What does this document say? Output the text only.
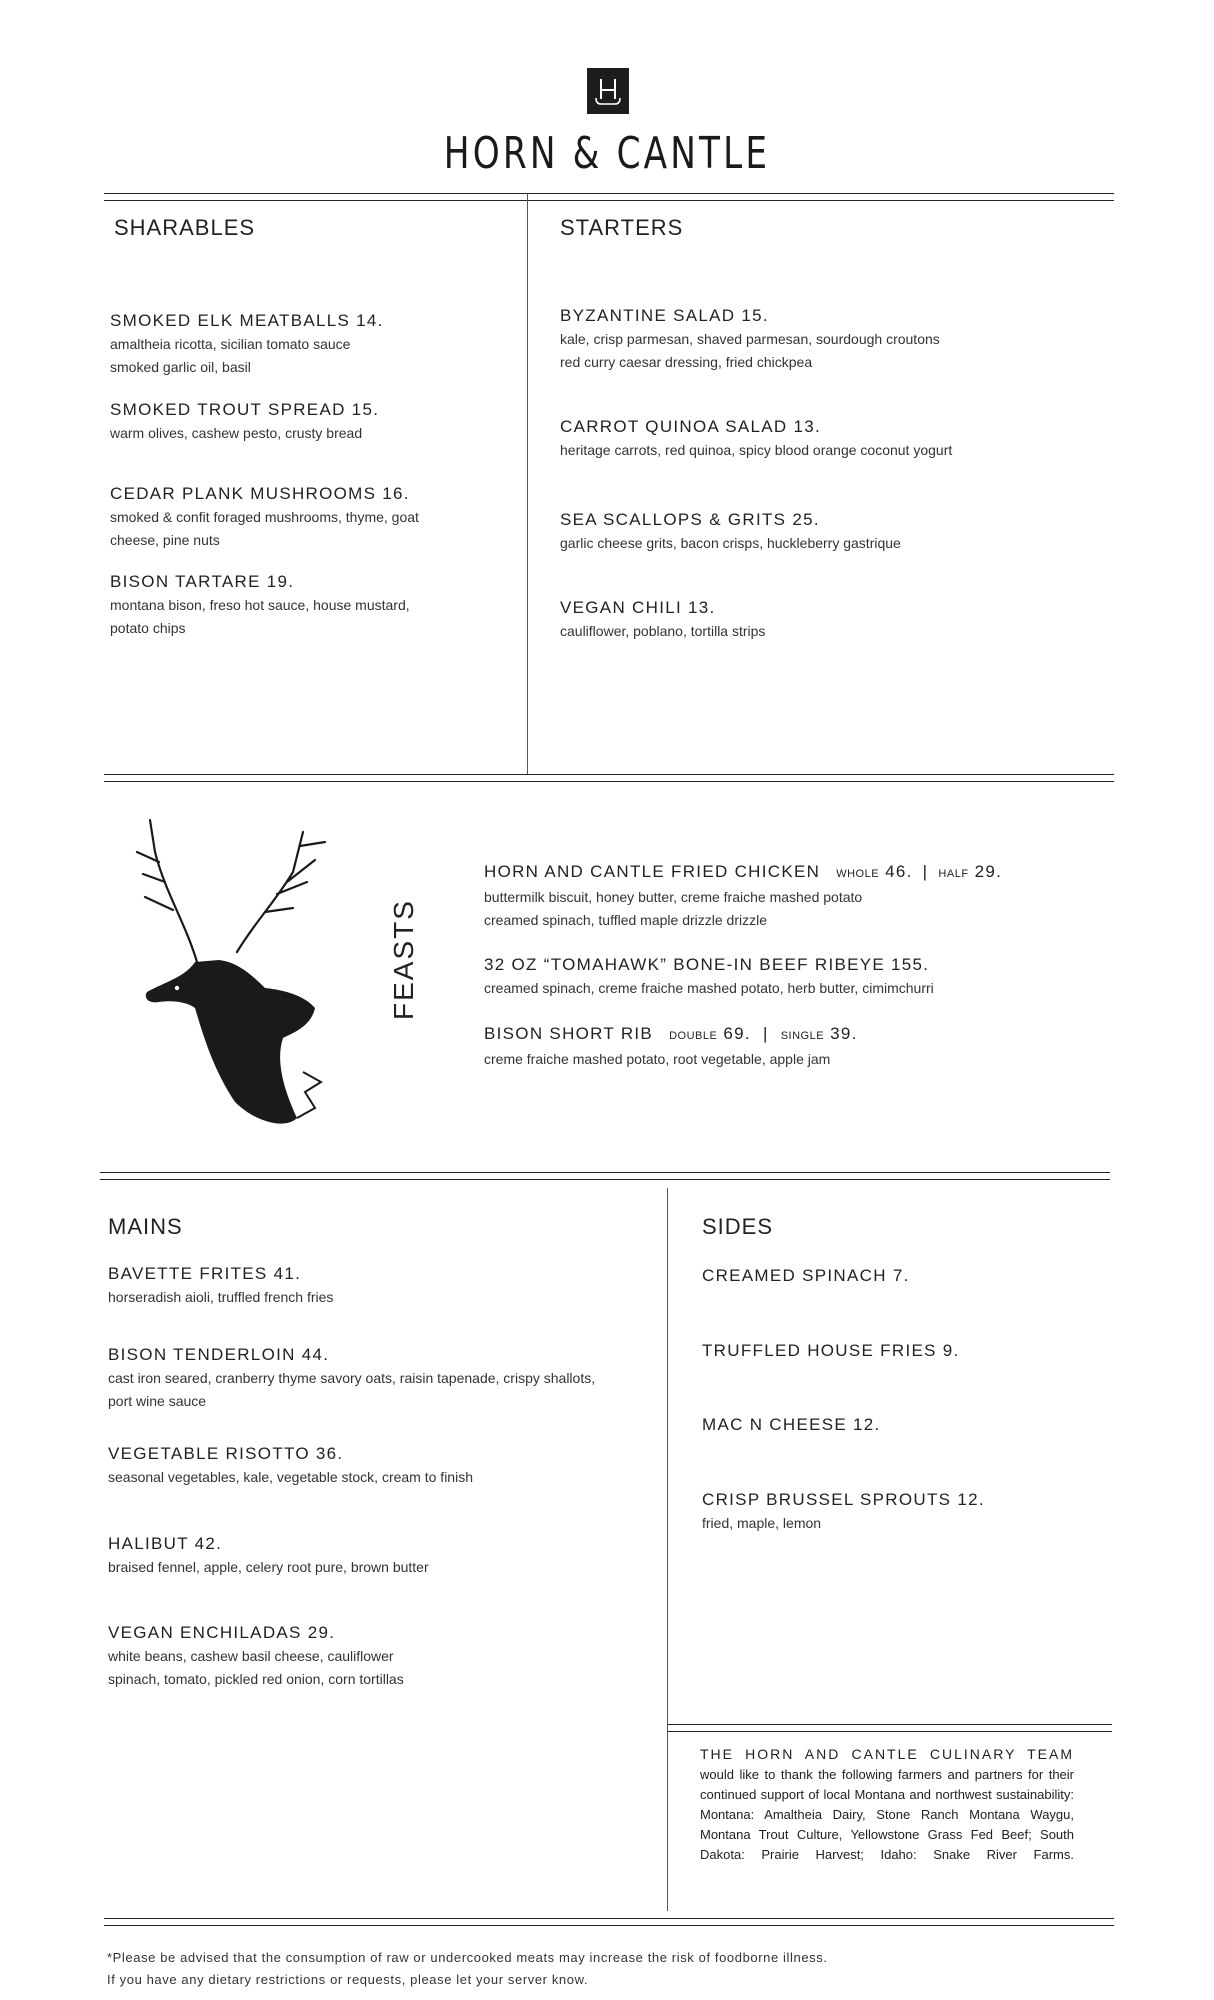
HORN & CANTLE
SHARABLES
SMOKED ELK MEATBALLS 14.
amaltheia ricotta, sicilian tomato sauce
smoked garlic oil, basil
SMOKED TROUT SPREAD 15.
warm olives, cashew pesto, crusty bread
CEDAR PLANK MUSHROOMS 16.
smoked & confit foraged mushrooms, thyme, goat
cheese, pine nuts
BISON TARTARE 19.
montana bison, freso hot sauce, house mustard,
potato chips
STARTERS
BYZANTINE SALAD 15.
kale, crisp parmesan, shaved parmesan, sourdough croutons
red curry caesar dressing, fried chickpea
CARROT QUINOA SALAD 13.
heritage carrots, red quinoa, spicy blood orange coconut yogurt
SEA SCALLOPS & GRITS 25.
garlic cheese grits, bacon crisps, huckleberry gastrique
VEGAN CHILI 13.
cauliflower, poblano, tortilla strips
FEASTS
HORN AND CANTLE FRIED CHICKEN WHOLE 46. | HALF 29.
buttermilk biscuit, honey butter, creme fraiche mashed potato
creamed spinach, tuffled maple drizzle drizzle
32 OZ “TOMAHAWK” BONE-IN BEEF RIBEYE 155.
creamed spinach, creme fraiche mashed potato, herb butter, cimimchurri
BISON SHORT RIB DOUBLE 69. | SINGLE 39.
creme fraiche mashed potato, root vegetable, apple jam
MAINS
BAVETTE FRITES 41.
horseradish aioli, truffled french fries
BISON TENDERLOIN 44.
cast iron seared, cranberry thyme savory oats, raisin tapenade, crispy shallots,
port wine sauce
VEGETABLE RISOTTO 36.
seasonal vegetables, kale, vegetable stock, cream to finish
HALIBUT 42.
braised fennel, apple, celery root pure, brown butter
VEGAN ENCHILADAS 29.
white beans, cashew basil cheese, cauliflower
spinach, tomato, pickled red onion, corn tortillas
SIDES
CREAMED SPINACH 7.
TRUFFLED HOUSE FRIES 9.
MAC N CHEESE 12.
CRISP BRUSSEL SPROUTS 12.
fried, maple, lemon
THE HORN AND CANTLE CULINARY TEAM would like to thank the following farmers and partners for their continued support of local Montana and northwest sustainability: Montana: Amaltheia Dairy, Stone Ranch Montana Waygu, Montana Trout Culture, Yellowstone Grass Fed Beef; South Dakota: Prairie Harvest; Idaho: Snake River Farms.
*Please be advised that the consumption of raw or undercooked meats may increase the risk of foodborne illness.
If you have any dietary restrictions or requests, please let your server know.
